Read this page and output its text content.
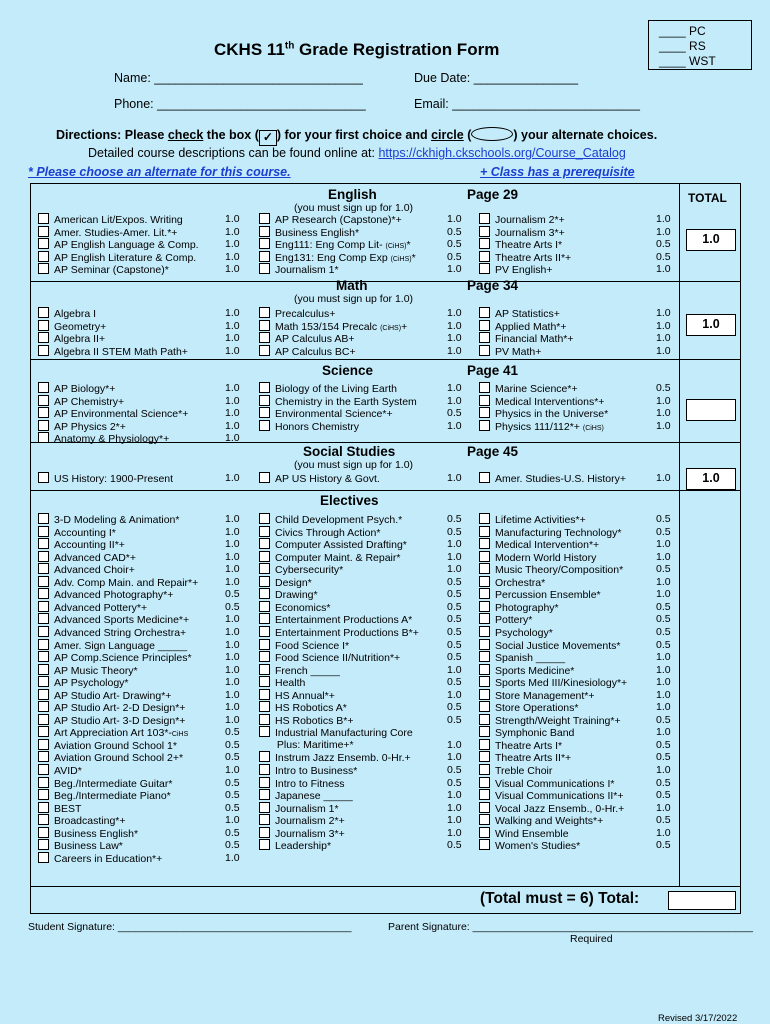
____ PC
____ RS
____ WST
CKHS 11th Grade Registration Form
Name: ______________________________	Due Date: _______________
Phone: ______________________________	Email: ___________________________
Directions: Please check the box ( ✓ ) for your first choice and circle (	) your alternate choices.
Detailed course descriptions can be found online at: https://ckhigh.ckschools.org/Course_Catalog
* Please choose an alternate for this course.	+ Class has a prerequisite
TOTAL
English	Page 29
(you must sign up for 1.0)
American Lit/Expos. Writing	1.0
Amer. Studies-Amer. Lit.*+	1.0
AP English Language & Comp.	1.0
AP English Literature & Comp.	1.0
AP Seminar (Capstone)*	1.0
AP Research (Capstone)*+	1.0
Business English*	0.5
Eng111: Eng Comp Lit- (CiHS)*	0.5
Eng131: Eng Comp Exp (CiHS)*	0.5
Journalism 1*	1.0
Journalism 2*+	1.0
Journalism 3*+	1.0
Theatre Arts I*	0.5
Theatre Arts II*+	0.5
PV English+	1.0
1.0
Math	Page 34
(you must sign up for 1.0)
Algebra I	1.0
Geometry+	1.0
Algebra II+	1.0
Algebra II STEM Math Path+	1.0
Precalculus+	1.0
Math 153/154 Precalc (CiHS)+	1.0
AP Calculus AB+	1.0
AP Calculus BC+	1.0
AP Statistics+	1.0
Applied Math*+	1.0
Financial Math*+	1.0
PV Math+	1.0
1.0
Science	Page 41
AP Biology*+	1.0
AP Chemistry+	1.0
AP Environmental Science*+	1.0
AP Physics 2*+	1.0
Anatomy & Physiology*+	1.0
Biology of the Living Earth	1.0
Chemistry in the Earth System	1.0
Environmental Science*+	0.5
Honors Chemistry	1.0
Marine Science*+	0.5
Medical Interventions*+	1.0
Physics in the Universe*	1.0
Physics 111/112*+ (CiHS)	1.0
Social Studies	Page 45
(you must sign up for 1.0)
US History: 1900-Present	1.0	AP US History & Govt.	1.0	Amer. Studies-U.S. History+	1.0	1.0
Electives
3-D Modeling & Animation*	1.0
Accounting I*	1.0
Accounting II*+	1.0
Advanced CAD*+	1.0
Advanced Choir+	1.0
Adv. Comp Main. and Repair*+	1.0
Advanced Photography*+	0.5
Advanced Pottery*+	0.5
Advanced Sports Medicine*+	1.0
Advanced String Orchestra+	1.0
Amer. Sign Language _____	1.0
AP Comp.Science Principles*	1.0
AP Music Theory*	1.0
AP Psychology*	1.0
AP Studio Art- Drawing*+	1.0
AP Studio Art- 2-D Design*+	1.0
AP Studio Art- 3-D Design*+	1.0
Art Appreciation Art 103*-CiHS	0.5
Aviation Ground School 1*	0.5
Aviation Ground School 2+*	0.5
AVID*	1.0
Beg./Intermediate Guitar*	0.5
Beg./Intermediate Piano*	0.5
BEST	0.5
Broadcasting*+	1.0
Business English*	0.5
Business Law*	0.5
Careers in Education*+	1.0
Child Development Psych.*	0.5
Civics Through Action*	0.5
Computer Assisted Drafting*	1.0
Computer Maint. & Repair*	1.0
Cybersecurity*	1.0
Design*	0.5
Drawing*	0.5
Economics*	0.5
Entertainment Productions A*	0.5
Entertainment Productions B*+	0.5
Food Science I*	0.5
Food Science II/Nutrition*+	0.5
French _____	1.0
Health	0.5
HS Annual*+	1.0
HS Robotics A*	0.5
HS Robotics B*+	0.5
Industrial Manufacturing Core
Plus: Maritime+*	1.0
Instrum Jazz Ensemb. 0-Hr.+	1.0
Intro to Business*	0.5
Intro to Fitness	0.5
Japanese _____	1.0
Journalism 1*	1.0
Journalism 2*+	1.0
Journalism 3*+	1.0
Leadership*	0.5
Lifetime Activities*+	0.5
Manufacturing Technology*	0.5
Medical Intervention*+	1.0
Modern World History	1.0
Music Theory/Composition*	0.5
Orchestra*	1.0
Percussion Ensemble*	1.0
Photography*	0.5
Pottery*	0.5
Psychology*	0.5
Social Justice Movements*	0.5
Spanish _____	1.0
Sports Medicine*	1.0
Sports Med III/Kinesiology*+	1.0
Store Management*+	1.0
Store Operations*	1.0
Strength/Weight Training*+	0.5
Symphonic Band	1.0
Theatre Arts I*	0.5
Theatre Arts II*+	0.5
Treble Choir	1.0
Visual Communications I*	0.5
Visual Communications II*+	0.5
Vocal Jazz Ensemb., 0-Hr.+	1.0
Walking and Weights*+	0.5
Wind Ensemble	1.0
Women's Studies*	0.5
(Total must = 6) Total:
Student Signature: ________________________________________	Parent Signature: ________________________________________________
Required
Revised 3/17/2022
